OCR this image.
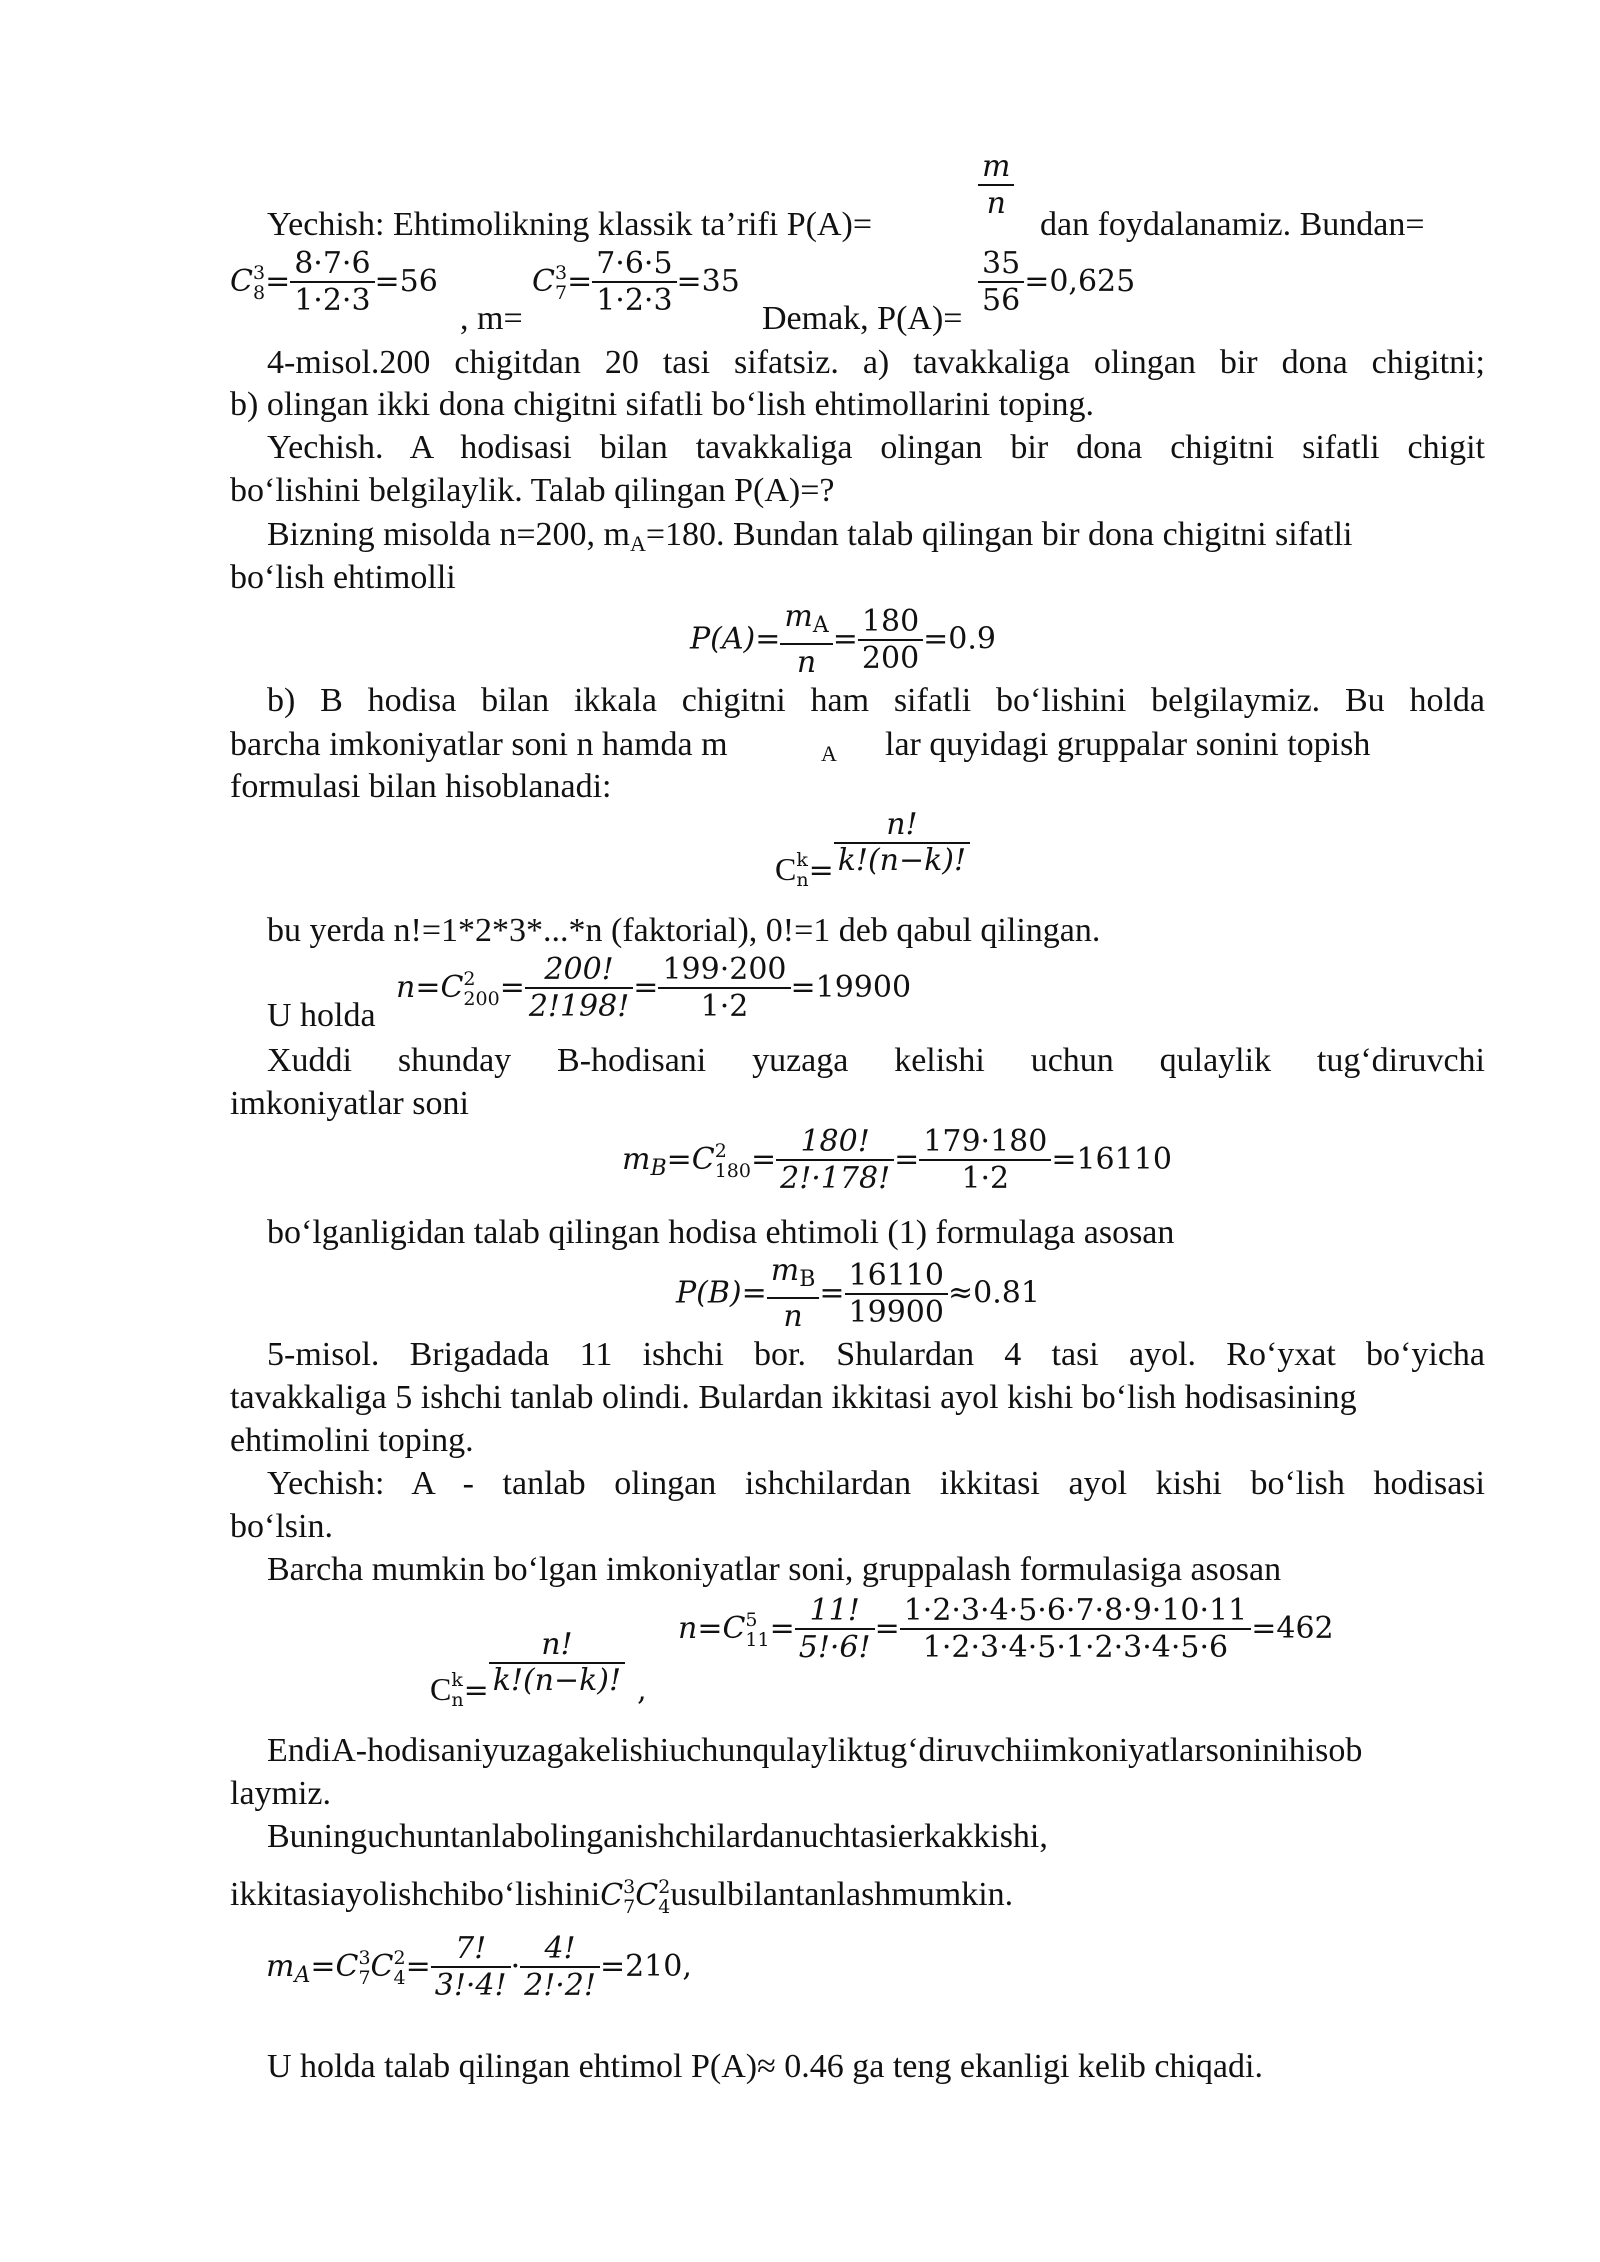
$\frac{m}{n}$
Yechish: Ehtimolikning klassik ta’rifi P(A)=	dan foydalanamiz. Bundan=
C 3
$8 = \frac{8\cdot 7\cdot 6}{1\cdot 2\cdot 3} =56$
, m=
C 3
$7 = \frac{7\cdot 6\cdot 5}{1\cdot 2\cdot 3} =35$
Demak, $P(A)= \frac{35}{56} =0,625$
4-misol.200 chigitdan 20 tasi sifatsiz. a) tavakkaliga olingan bir dona chigitni;
b) olingan ikki dona chigitni sifatli bo‘lish ehtimollarini toping.
Yechish. A hodisasi bilan tavakkaliga olingan bir dona chigitni sifatli chigit
bo‘lishini belgilaylik. Talab qilingan P(A)=?
Bizning misolda n=200, mA=180. Bundan talab qilingan bir dona chigitni sifatli
bo‘lish ehtimolli
$P(A)= \frac{m_A}{n} = \frac{180}{200} =0.9$
b) B hodisa bilan ikkala chigitni ham sifatli bo‘lishini belgilaymiz. Bu holda
barcha imkoniyatlar soni n hamda m	A lar quyidagi gruppalar sonini topish
formulasi bilan hisoblanadi:
C k
$n = \frac{n!}{k!(n-k)!}$
bu yerda n!=1*2*3*...*n (faktorial), 0!=1 deb qabul qilingan.
U holda
n=C 2
$200 = \frac{200!}{2!198!} = \frac{199\cdot 200}{1\cdot 2} =19900$
Xuddi shunday B-hodisani yuzaga kelishi uchun qulaylik tug‘diruvchi
imkoniyatlar soni
$m_B=C$ 2
$180 = \frac{180!}{2!\cdot 178!} = \frac{179\cdot 180}{1\cdot 2} =16110$
bo‘lganligidan talab qilingan hodisa ehtimoli (1) formulaga asosan
$P(B)= \frac{m_B}{n} = \frac{16110}{19900} \approx 0.81$
5-misol. Brigadada 11 ishchi bor. Shulardan 4 tasi ayol. Ro‘yxat bo‘yicha
tavakkaliga 5 ishchi tanlab olindi. Bulardan ikkitasi ayol kishi bo‘lish hodisasining
ehtimolini toping.
Yechish: A - tanlab olingan ishchilardan ikkitasi ayol kishi bo‘lish hodisasi
bo‘lsin.
Barcha mumkin bo‘lgan imkoniyatlar soni, gruppalash formulasiga asosan
n=C 5
$11 = \frac{11!}{5!\cdot 6!} = \frac{1\cdot 2\cdot 3\cdot 4\cdot 5\cdot 6\cdot 7\cdot 8\cdot 9\cdot 10\cdot 11}{1\cdot 2\cdot 3\cdot 4\cdot 5\cdot 1\cdot 2\cdot 3\cdot 4\cdot 5\cdot 6} =462$
C k
$n = \frac{n!}{k!(n-k)!}$ ,
EndiA-hodisaniyuzagakelishiuchunqulayliktug‘diruvchiimkoniyatlarsoninihisob
laymiz.
Buninguchuntanlabolinganishchilardanuchtasierkakkishi,
ikkitasiayolishchibo‘lishiniC 3
7 C 2
4 usulbilantanlashmumkin.
$m_A=C$ 3
7 C 2
$4 = \frac{7!}{3!\cdot 4!} \cdot \frac{4!}{2!\cdot 2!} =210$,
U holda talab qilingan ehtimol P(A)≈ 0.46 ga teng ekanligi kelib chiqadi.
